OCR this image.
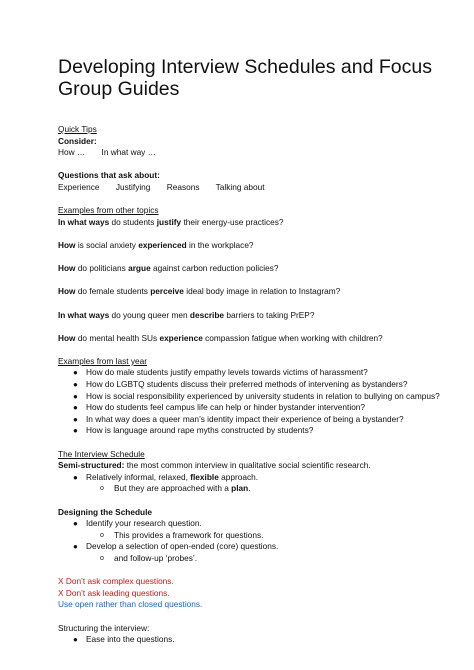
Developing Interview Schedules and Focus Group Guides

Quick Tips

Consider:

How … In what way …

Questions that ask about:

Experience Justifying Reasons Talking about

Examples from other topics

In what ways do students justify their energy-use practices?

How is social anxiety experienced in the workplace?

How do politicians argue against carbon reduction policies?

How do female students perceive ideal body image in relation to Instagram?

In what ways do young queer men describe barriers to taking PrEP?

How do mental health SUs experience compassion fatigue when working with children?

Examples from last year

● How do male students justify empathy levels towards victims of harassment?
● How do LGBTQ students discuss their preferred methods of intervening as bystanders?
● How is social responsibility experienced by university students in relation to bullying on campus?
● How do students feel campus life can help or hinder bystander intervention?
● In what way does a queer man’s identity impact their experience of being a bystander?
● How is language around rape myths constructed by students?

The Interview Schedule

Semi-structured: the most common interview in qualitative social scientific research.

● Relatively informal, relaxed, flexible approach.
o But they are approached with a plan.

Designing the Schedule

● Identify your research question.
o This provides a framework for questions.
● Develop a selection of open-ended (core) questions.
o and follow-up ‘probes’.

X Don’t ask complex questions.

X Don’t ask leading questions.

Use open rather than closed questions.

Structuring the interview:

● Ease into the questions.
